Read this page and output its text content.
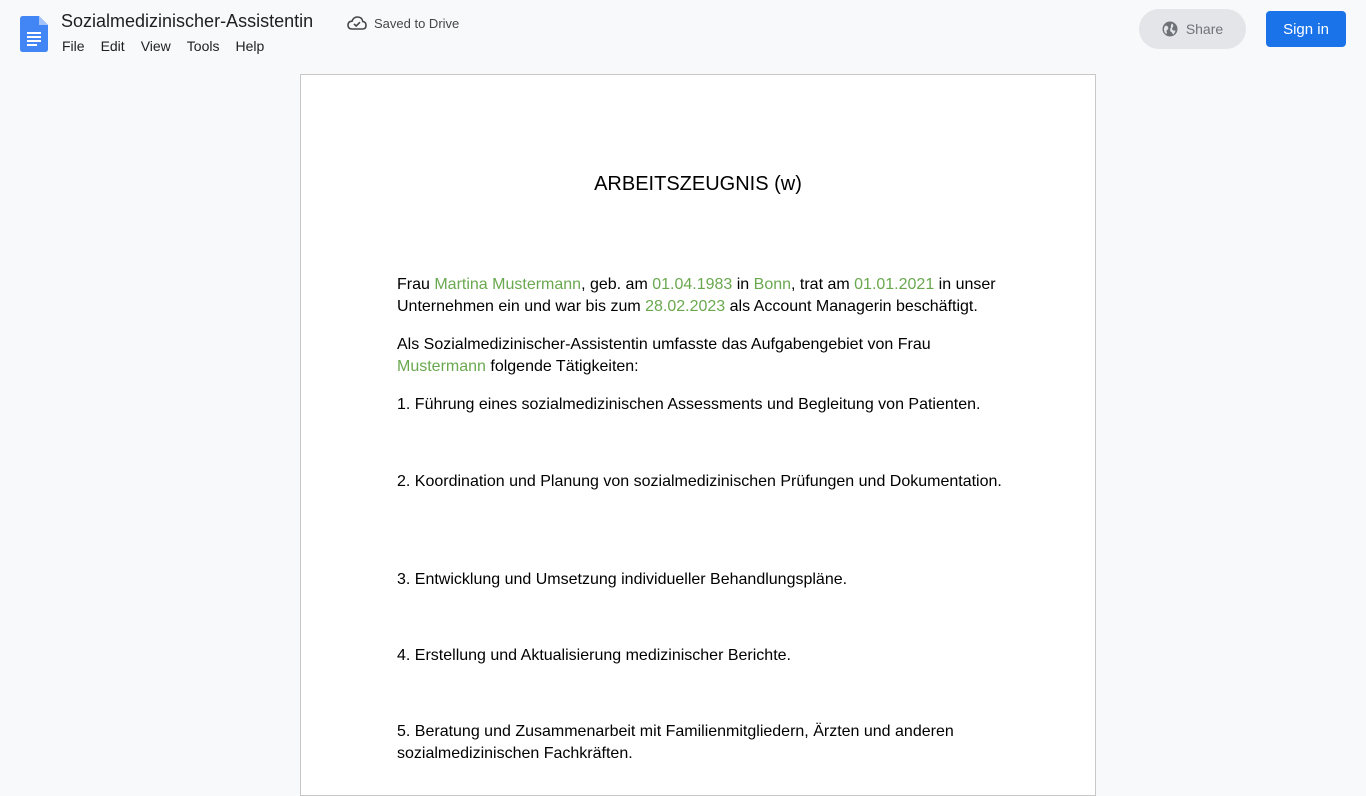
Sozialmedizinischer-Assistentin	Saved to Drive
File	Edit	View	Tools	Help
Share	Sign in
ARBEITSZEUGNIS (w)
Frau Martina Mustermann, geb. am 01.04.1983 in Bonn, trat am 01.01.2021 in unser Unternehmen ein und war bis zum 28.02.2023 als Account Managerin beschäftigt.
Als Sozialmedizinischer-Assistentin umfasste das Aufgabengebiet von Frau Mustermann folgende Tätigkeiten:
1. Führung eines sozialmedizinischen Assessments und Begleitung von Patienten.
2. Koordination und Planung von sozialmedizinischen Prüfungen und Dokumentation.
3. Entwicklung und Umsetzung individueller Behandlungspläne.
4. Erstellung und Aktualisierung medizinischer Berichte.
5. Beratung und Zusammenarbeit mit Familienmitgliedern, Ärzten und anderen sozialmedizinischen Fachkräften.
